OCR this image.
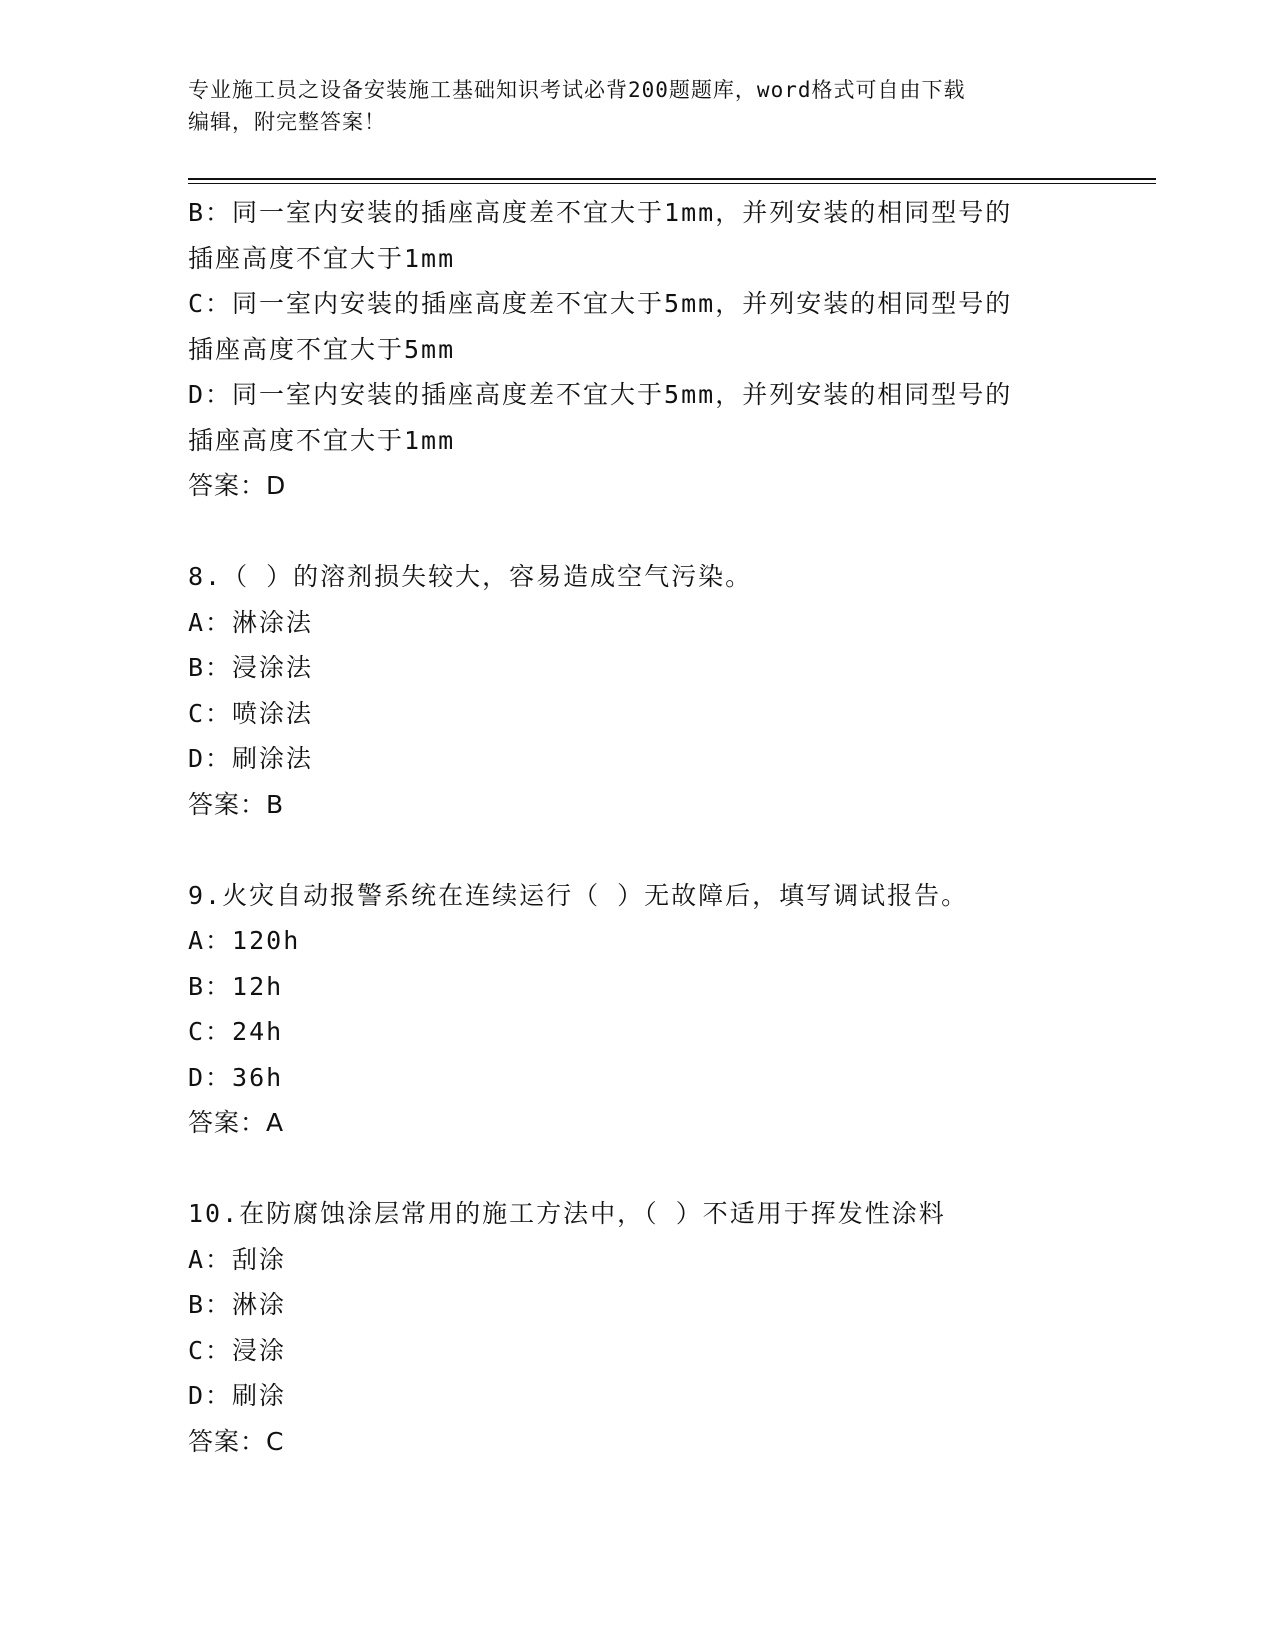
专业施工员之设备安装施工基础知识考试必背200题题库，word格式可自由下载
编辑，附完整答案！
B：同一室内安装的插座高度差不宜大于1mm，并列安装的相同型号的
插座高度不宜大于1mm
C：同一室内安装的插座高度差不宜大于5mm，并列安装的相同型号的
插座高度不宜大于5mm
D：同一室内安装的插座高度差不宜大于5mm，并列安装的相同型号的
插座高度不宜大于1mm
答案：D
8.（ ）的溶剂损失较大，容易造成空气污染。
A：淋涂法
B：浸涂法
C：喷涂法
D：刷涂法
答案：B
9.火灾自动报警系统在连续运行（ ）无故障后，填写调试报告。
A：120h
B：12h
C：24h
D：36h
答案：A
10.在防腐蚀涂层常用的施工方法中，（ ）不适用于挥发性涂料
A：刮涂
B：淋涂
C：浸涂
D：刷涂
答案：C
